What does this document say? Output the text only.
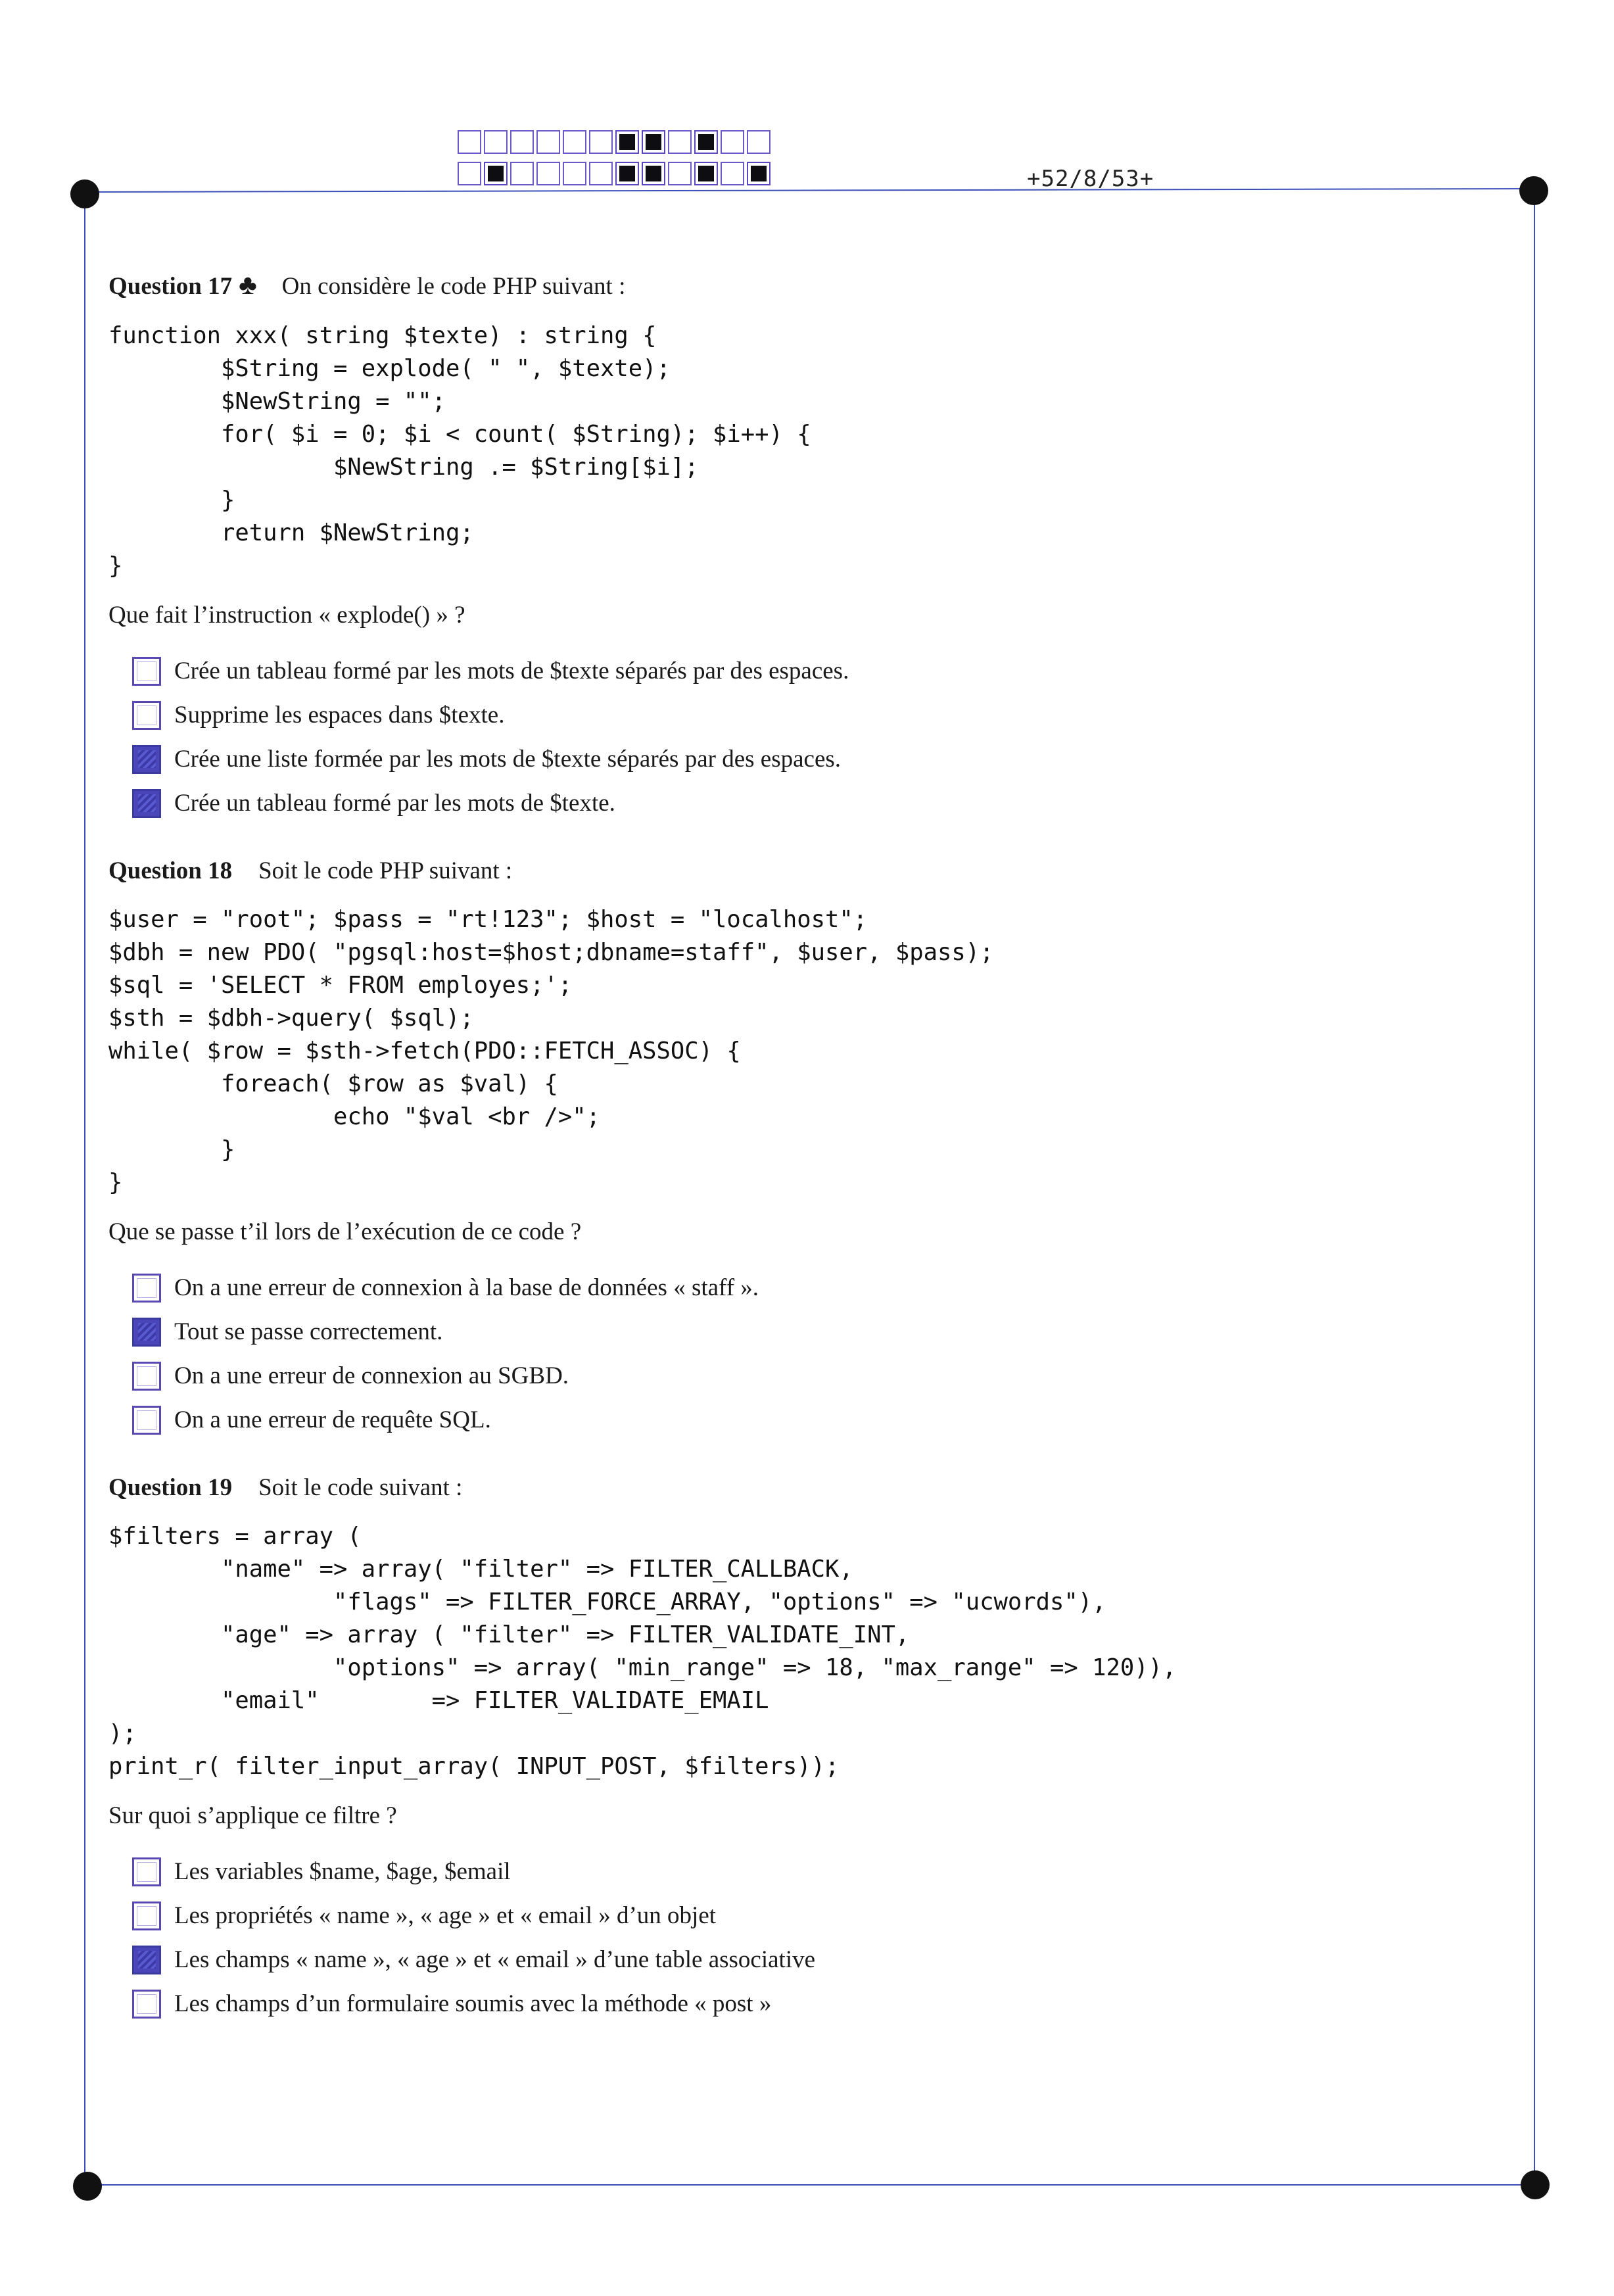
+52/8/53+
Question 17 ♣ On considère le code PHP suivant :
function xxx( string $texte) : string {
$String = explode( " ", $texte);
$NewString = "";
for( $i = 0; $i < count( $String); $i++) {
$NewString .= $String[$i];
}
return $NewString;
}
Que fait l’instruction « explode() » ?
Crée un tableau formé par les mots de $texte séparés par des espaces.
Supprime les espaces dans $texte.
Crée une liste formée par les mots de $texte séparés par des espaces.
Crée un tableau formé par les mots de $texte.
Question 18 Soit le code PHP suivant :
$user = "root"; $pass = "rt!123"; $host = "localhost";
$dbh = new PDO( "pgsql:host=$host;dbname=staff", $user, $pass);
$sql = 'SELECT * FROM employes;';
$sth = $dbh->query( $sql);
while( $row = $sth->fetch(PDO::FETCH_ASSOC) {
foreach( $row as $val) {
echo "$val <br />";
}
}
Que se passe t’il lors de l’exécution de ce code ?
On a une erreur de connexion à la base de données « staff ».
Tout se passe correctement.
On a une erreur de connexion au SGBD.
On a une erreur de requête SQL.
Question 19 Soit le code suivant :
$filters = array (
"name" => array( "filter" => FILTER_CALLBACK,
"flags" => FILTER_FORCE_ARRAY, "options" => "ucwords"),
"age" => array ( "filter" => FILTER_VALIDATE_INT,
"options" => array( "min_range" => 18, "max_range" => 120)),
"email"        => FILTER_VALIDATE_EMAIL
);
print_r( filter_input_array( INPUT_POST, $filters));
Sur quoi s’applique ce filtre ?
Les variables $name, $age, $email
Les propriétés « name », « age » et « email » d’un objet
Les champs « name », « age » et « email » d’une table associative
Les champs d’un formulaire soumis avec la méthode « post »
